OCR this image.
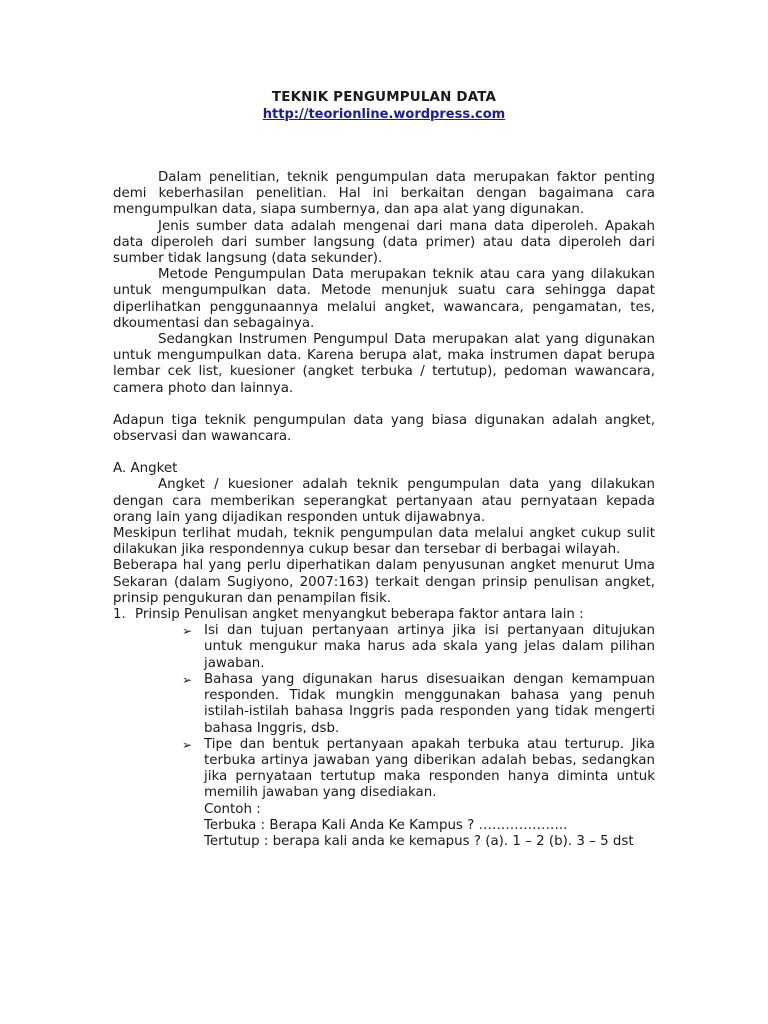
TEKNIK PENGUMPULAN DATA
http://teorionline.wordpress.com

Dalam penelitian, teknik pengumpulan data merupakan faktor penting demi keberhasilan penelitian. Hal ini berkaitan dengan bagaimana cara mengumpulkan data, siapa sumbernya, dan apa alat yang digunakan.

Jenis sumber data adalah mengenai dari mana data diperoleh. Apakah data diperoleh dari sumber langsung (data primer) atau data diperoleh dari sumber tidak langsung (data sekunder).

Metode Pengumpulan Data merupakan teknik atau cara yang dilakukan untuk mengumpulkan data. Metode menunjuk suatu cara sehingga dapat diperlihatkan penggunaannya melalui angket, wawancara, pengamatan, tes, dkoumentasi dan sebagainya.

Sedangkan Instrumen Pengumpul Data merupakan alat yang digunakan untuk mengumpulkan data. Karena berupa alat, maka instrumen dapat berupa lembar cek list, kuesioner (angket terbuka / tertutup), pedoman wawancara, camera photo dan lainnya.

Adapun tiga teknik pengumpulan data yang biasa digunakan adalah angket, observasi dan wawancara.

A. Angket

Angket / kuesioner adalah teknik pengumpulan data yang dilakukan dengan cara memberikan seperangkat pertanyaan atau pernyataan kepada orang lain yang dijadikan responden untuk dijawabnya.

Meskipun terlihat mudah, teknik pengumpulan data melalui angket cukup sulit dilakukan jika respondennya cukup besar dan tersebar di berbagai wilayah.

Beberapa hal yang perlu diperhatikan dalam penyusunan angket menurut Uma Sekaran (dalam Sugiyono, 2007:163) terkait dengan prinsip penulisan angket, prinsip pengukuran dan penampilan fisik.

1. Prinsip Penulisan angket menyangkut beberapa faktor antara lain :

➢ Isi dan tujuan pertanyaan artinya jika isi pertanyaan ditujukan untuk mengukur maka harus ada skala yang jelas dalam pilihan jawaban.
➢ Bahasa yang digunakan harus disesuaikan dengan kemampuan responden. Tidak mungkin menggunakan bahasa yang penuh istilah-istilah bahasa Inggris pada responden yang tidak mengerti bahasa Inggris, dsb.
➢ Tipe dan bentuk pertanyaan apakah terbuka atau terturup. Jika terbuka artinya jawaban yang diberikan adalah bebas, sedangkan jika pernyataan tertutup maka responden hanya diminta untuk memilih jawaban yang disediakan.
Contoh :
Terbuka : Berapa Kali Anda Ke Kampus ? ………………..
Tertutup : berapa kali anda ke kemapus ? (a). 1 – 2 (b). 3 – 5 dst
